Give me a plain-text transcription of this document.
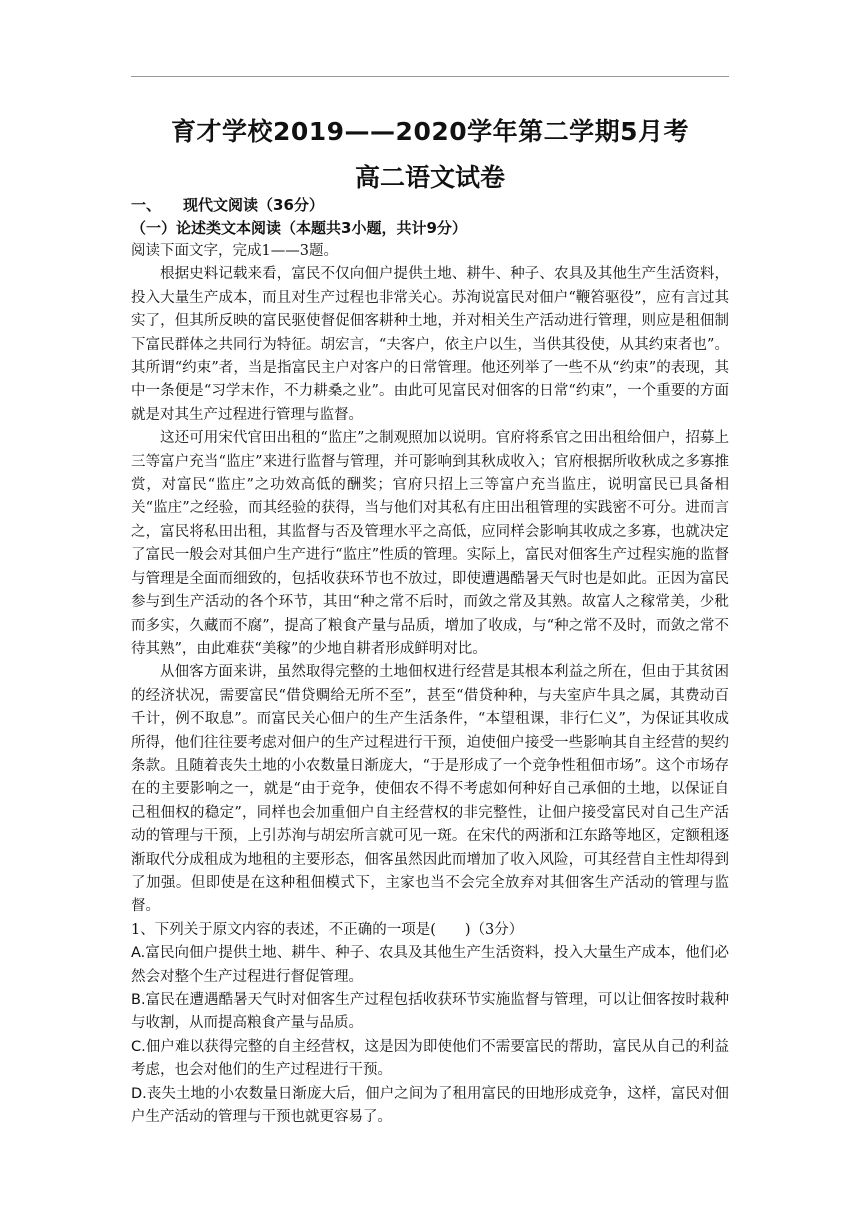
育才学校2019——2020学年第二学期5月考
高二语文试卷
一、 现代文阅读（36分）
（一）论述类文本阅读（本题共3小题，共计9分）

阅读下面文字，完成1——3题。

根据史料记载来看，富民不仅向佃户提供土地、耕牛、种子、农具及其他生产生活资料，投入大量生产成本，而且对生产过程也非常关心。苏洵说富民对佃户“鞭笞驱役”，应有言过其实了，但其所反映的富民驱使督促佃客耕种土地，并对相关生产活动进行管理，则应是租佃制下富民群体之共同行为特征。胡宏言，“夫客户，依主户以生，当供其役使，从其约束者也”。其所谓“约束”者，当是指富民主户对客户的日常管理。他还列举了一些不从“约束”的表现，其中一条便是“习学末作，不力耕桑之业”。由此可见富民对佃客的日常“约束”，一个重要的方面就是对其生产过程进行管理与监督。

这还可用宋代官田出租的“监庄”之制观照加以说明。官府将系官之田出租给佃户，招募上三等富户充当“监庄”来进行监督与管理，并可影响到其秋成收入；官府根据所收秋成之多寡推赏，对富民“监庄”之功效高低的酬奖；官府只招上三等富户充当监庄，说明富民已具备相关“监庄”之经验，而其经验的获得，当与他们对其私有庄田出租管理的实践密不可分。进而言之，富民将私田出租，其监督与否及管理水平之高低，应同样会影响其收成之多寡，也就决定了富民一般会对其佃户生产进行“监庄”性质的管理。实际上，富民对佃客生产过程实施的监督与管理是全面而细致的，包括收获环节也不放过，即使遭遇酷暑天气时也是如此。正因为富民参与到生产活动的各个环节，其田“种之常不后时，而敛之常及其熟。故富人之稼常美，少秕而多实，久藏而不腐”，提高了粮食产量与品质，增加了收成，与“种之常不及时，而敛之常不待其熟”，由此难获“美稼”的少地自耕者形成鲜明对比。

从佃客方面来讲，虽然取得完整的土地佃权进行经营是其根本利益之所在，但由于其贫困的经济状况，需要富民“借贷赒给无所不至”，甚至“借贷种种，与夫室庐牛具之属，其费动百千计，例不取息”。而富民关心佃户的生产生活条件，“本望租课，非行仁义”，为保证其收成所得，他们往往要考虑对佃户的生产过程进行干预，迫使佃户接受一些影响其自主经营的契约条款。且随着丧失土地的小农数量日渐庞大，“于是形成了一个竞争性租佃市场”。这个市场存在的主要影响之一，就是“由于竞争，使佃农不得不考虑如何种好自己承佃的土地，以保证自己租佃权的稳定”，同样也会加重佃户自主经营权的非完整性，让佃户接受富民对自己生产活动的管理与干预，上引苏洵与胡宏所言就可见一斑。在宋代的两浙和江东路等地区，定额租逐渐取代分成租成为地租的主要形态，佃客虽然因此而增加了收入风险，可其经营自主性却得到了加强。但即使是在这种租佃模式下，主家也当不会完全放弃对其佃客生产活动的管理与监督。

1、下列关于原文内容的表述，不正确的一项是(　　)（3分）

A.富民向佃户提供土地、耕牛、种子、农具及其他生产生活资料，投入大量生产成本，他们必然会对整个生产过程进行督促管理。

B.富民在遭遇酷暑天气时对佃客生产过程包括收获环节实施监督与管理，可以让佃客按时栽种与收割，从而提高粮食产量与品质。

C.佃户难以获得完整的自主经营权，这是因为即使他们不需要富民的帮助，富民从自己的利益考虑，也会对他们的生产过程进行干预。

D.丧失土地的小农数量日渐庞大后，佃户之间为了租用富民的田地形成竞争，这样，富民对佃户生产活动的管理与干预也就更容易了。
